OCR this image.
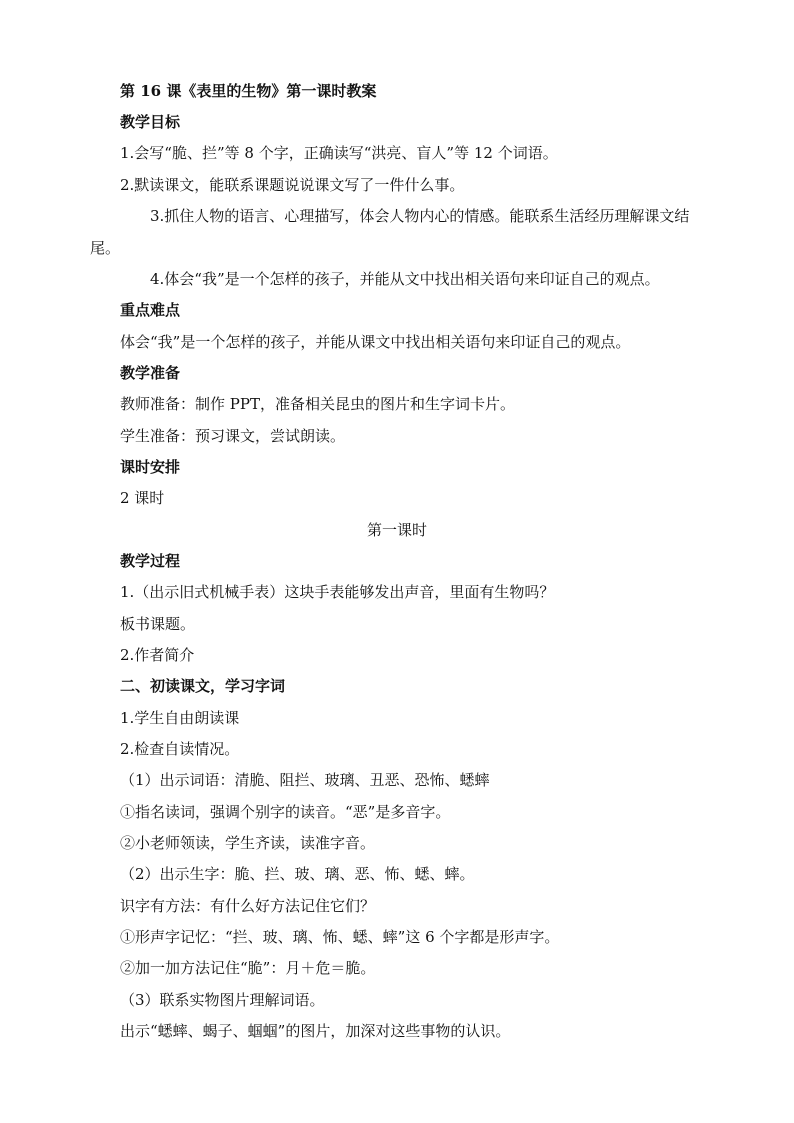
第 16 课《表里的生物》第一课时教案
教学目标
1.会写“脆、拦”等 8 个字，正确读写“洪亮、盲人”等 12 个词语。
2.默读课文，能联系课题说说课文写了一件什么事。
3.抓住人物的语言、心理描写，体会人物内心的情感。能联系生活经历理解课文结
尾。
4.体会“我”是一个怎样的孩子，并能从文中找出相关语句来印证自己的观点。
重点难点
体会“我”是一个怎样的孩子，并能从课文中找出相关语句来印证自己的观点。
教学准备
教师准备：制作 PPT，准备相关昆虫的图片和生字词卡片。
学生准备：预习课文，尝试朗读。
课时安排
2 课时
第一课时
教学过程
1.（出示旧式机械手表）这块手表能够发出声音，里面有生物吗？
板书课题。
2.作者简介
二、初读课文，学习字词
1.学生自由朗读课
2.检查自读情况。
（1）出示词语：清脆、阻拦、玻璃、丑恶、恐怖、蟋蟀
①指名读词，强调个别字的读音。“恶”是多音字。
②小老师领读，学生齐读，读准字音。
（2）出示生字：脆、拦、玻、璃、恶、怖、蟋、蟀。
识字有方法：有什么好方法记住它们？
①形声字记忆：“拦、玻、璃、怖、蟋、蟀”这 6 个字都是形声字。
②加一加方法记住“脆”：月＋危＝脆。
（3）联系实物图片理解词语。
出示“蟋蟀、蝎子、蝈蝈”的图片，加深对这些事物的认识。
